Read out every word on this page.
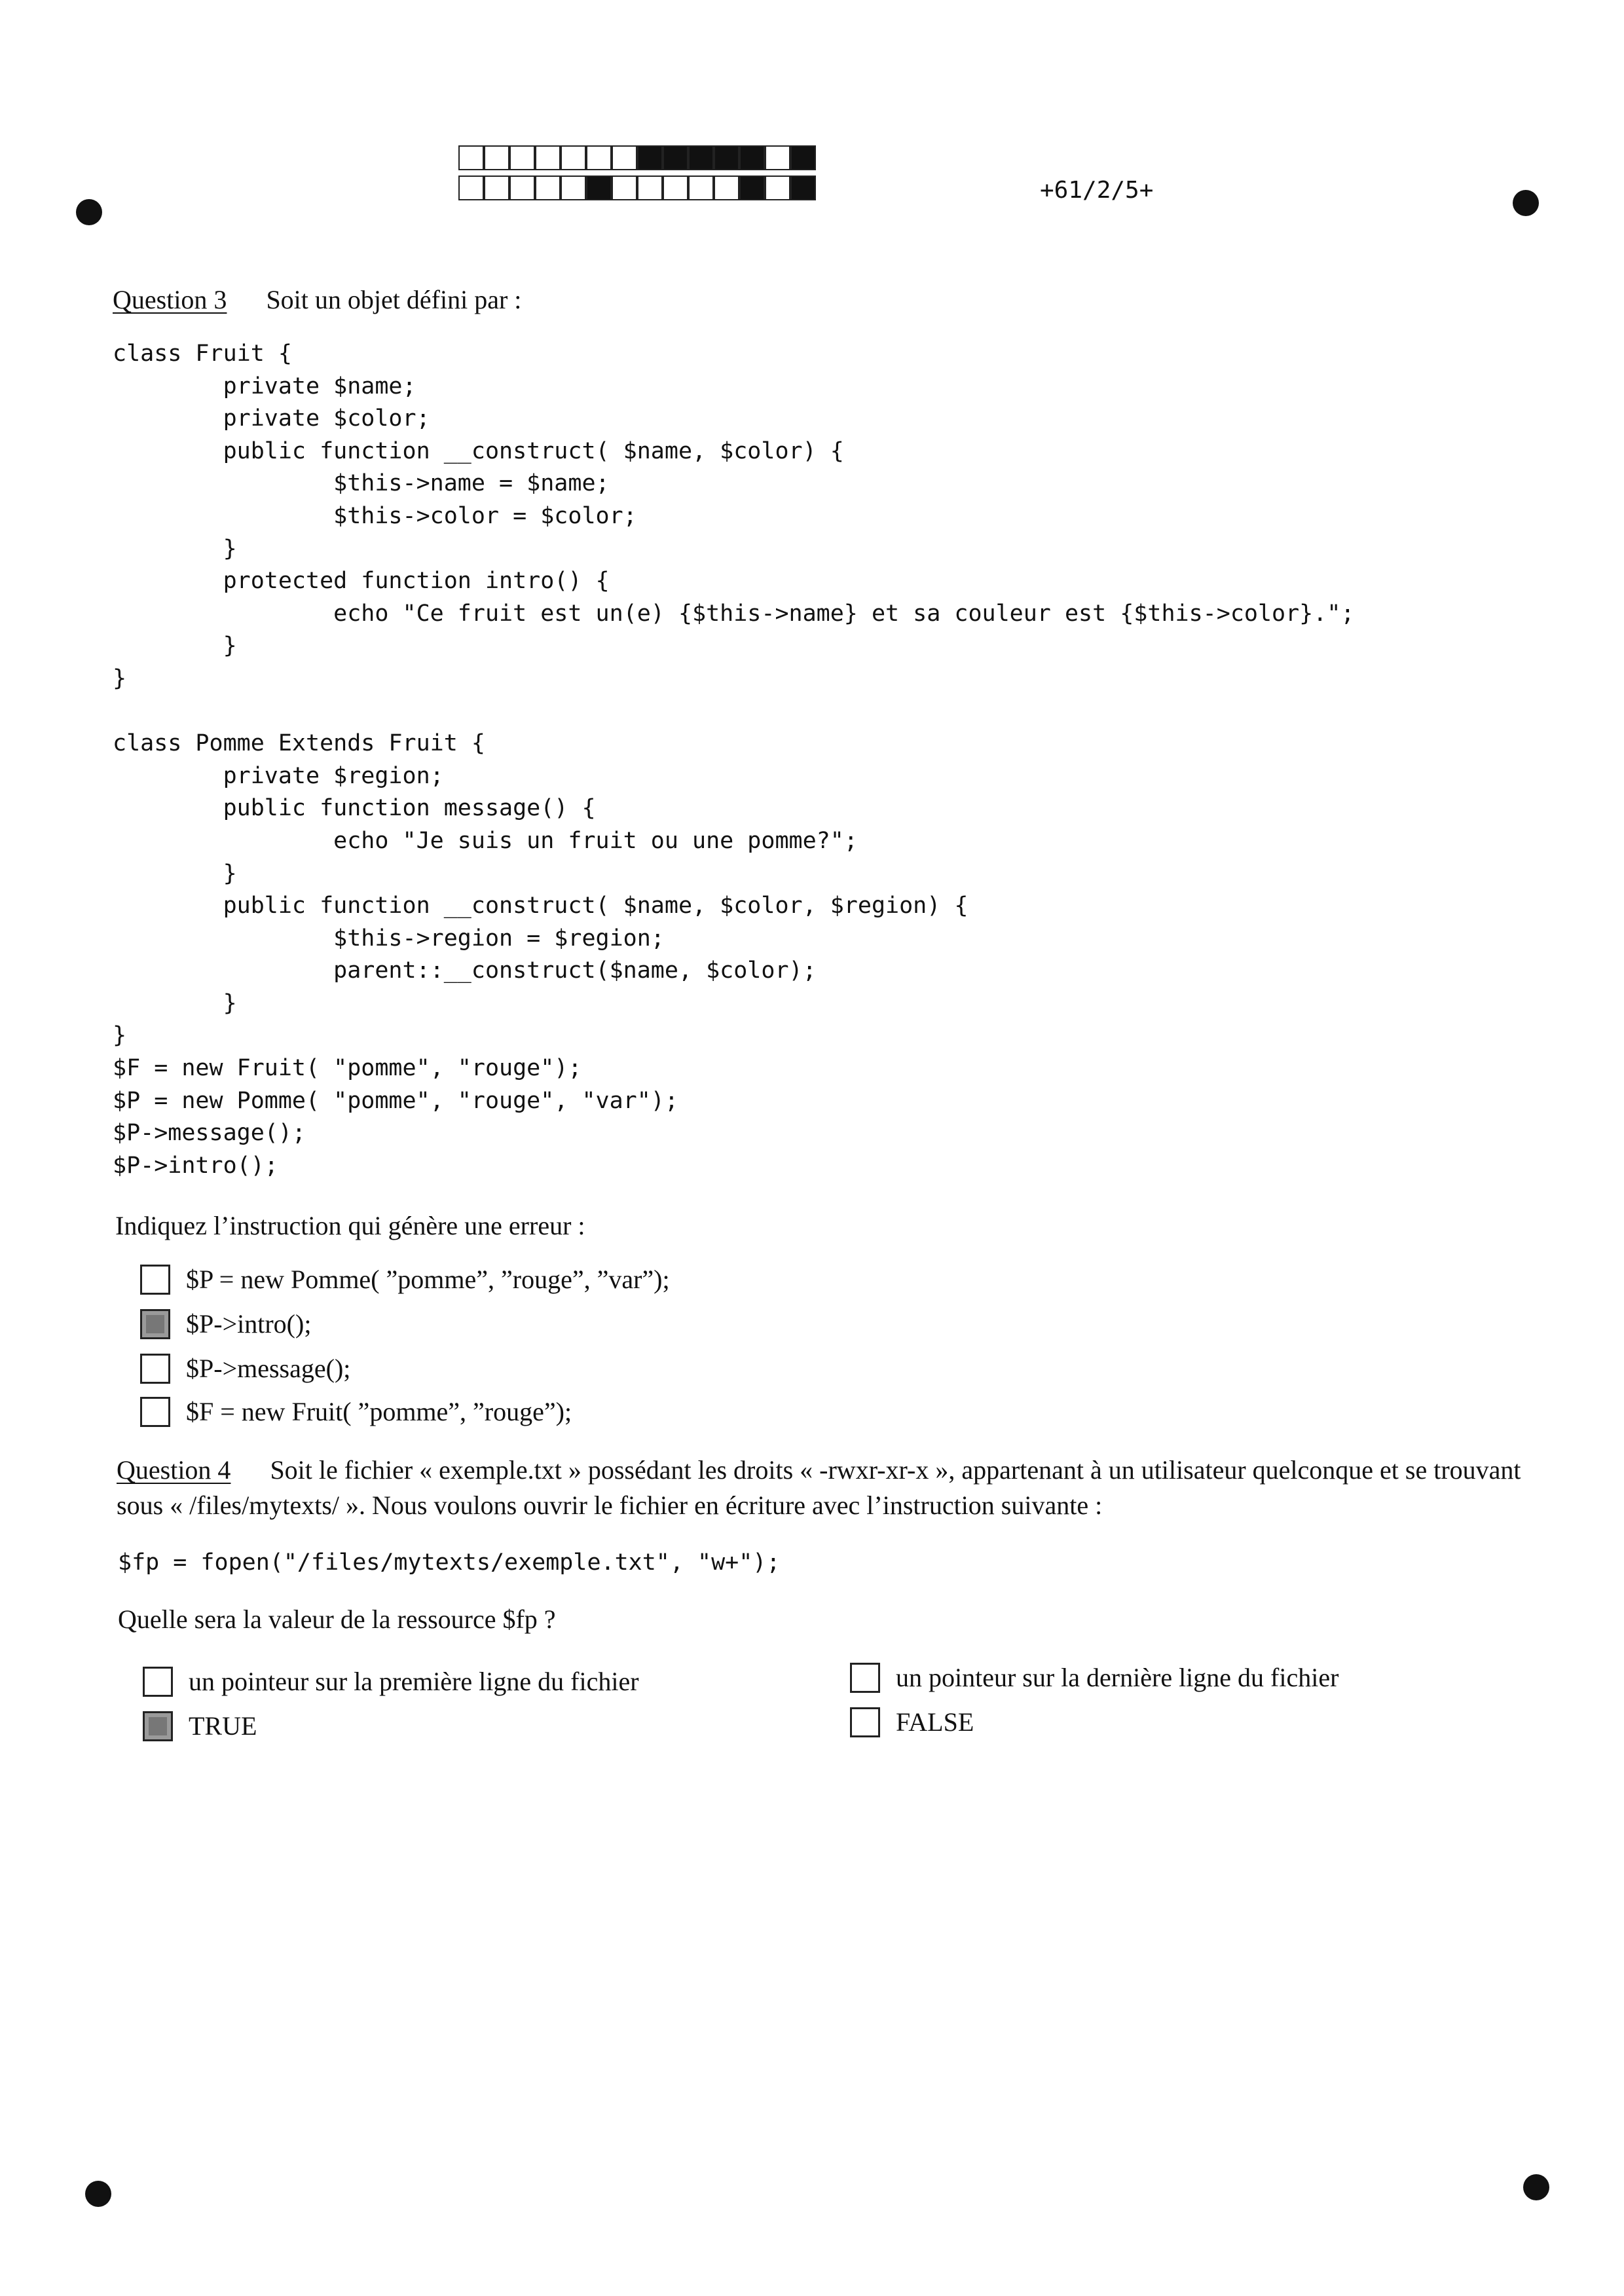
+61/2/5+
Question 3 Soit un objet défini par :
class Fruit {
private $name;
private $color;
public function __construct( $name, $color) {
$this->name = $name;
$this->color = $color;
}
protected function intro() {
echo "Ce fruit est un(e) {$this->name} et sa couleur est {$this->color}.";
}
}

class Pomme Extends Fruit {
private $region;
public function message() {
echo "Je suis un fruit ou une pomme?";
}
public function __construct( $name, $color, $region) {
$this->region = $region;
parent::__construct($name, $color);
}
}
$F = new Fruit( "pomme", "rouge");
$P = new Pomme( "pomme", "rouge", "var");
$P->message();
$P->intro();
Indiquez l’instruction qui génère une erreur :
$P = new Pomme( ”pomme”, ”rouge”, ”var”);
$P->intro();
$P->message();
$F = new Fruit( ”pomme”, ”rouge”);
Question 4 Soit le fichier « exemple.txt » possédant les droits « -rwxr-xr-x », appartenant à un utilisateur quelconque et se trouvant sous « /files/mytexts/ ». Nous voulons ouvrir le fichier en écriture avec l’instruction suivante :
$fp = fopen("/files/mytexts/exemple.txt", "w+");
Quelle sera la valeur de la ressource $fp ?
un pointeur sur la première ligne du fichier	un pointeur sur la dernière ligne du fichier
TRUE	FALSE
